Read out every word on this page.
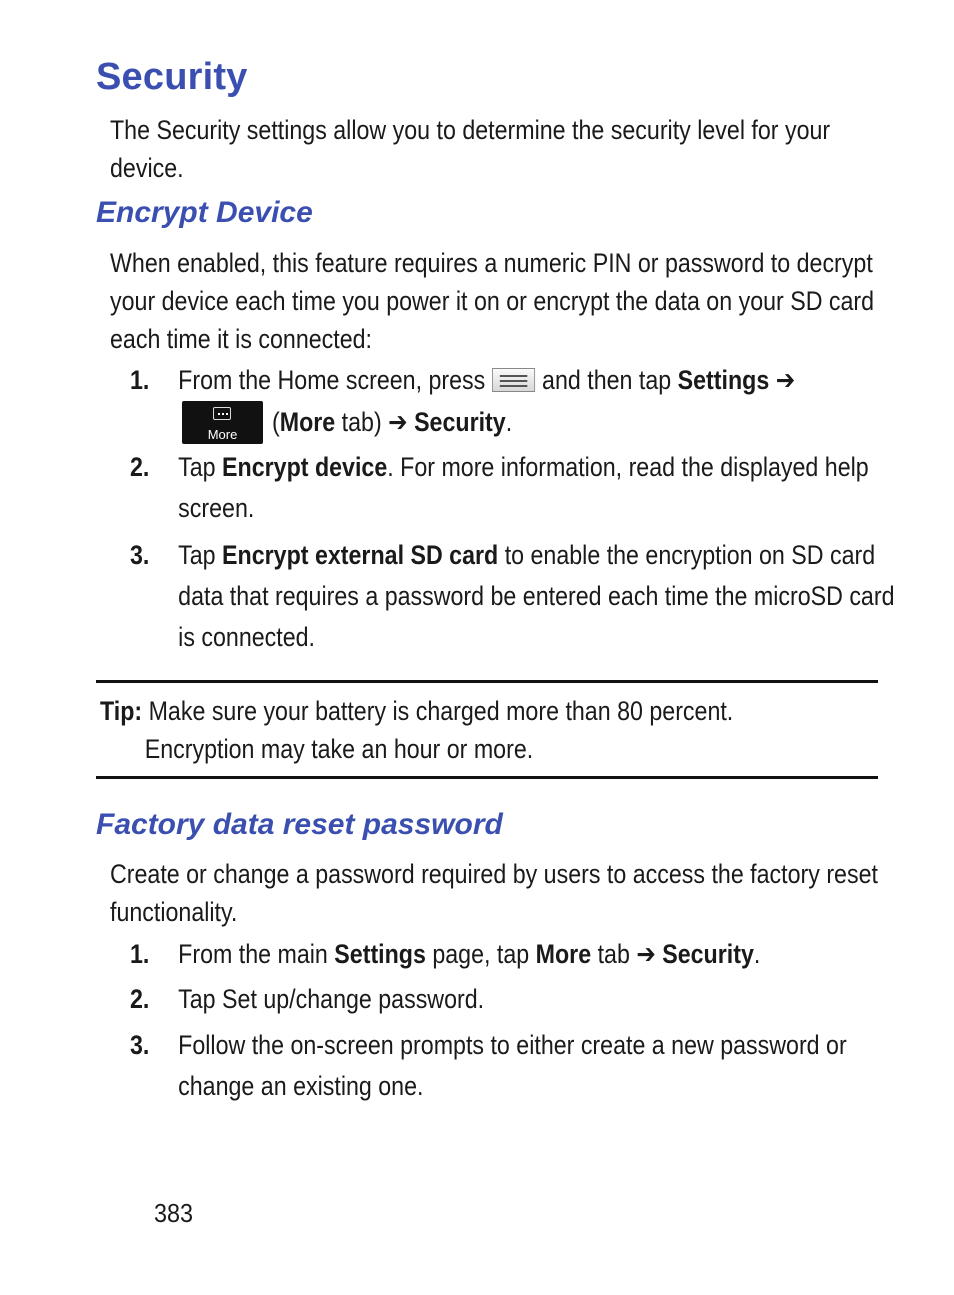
Security
The Security settings allow you to determine the security level for your device.
Encrypt Device
When enabled, this feature requires a numeric PIN or password to decrypt your device each time you power it on or encrypt the data on your SD card each time it is connected:
1. From the Home screen, press and then tap Settings ➔
More	(More tab) ➔ Security.
2. Tap Encrypt device. For more information, read the displayed help screen.
3. Tap Encrypt external SD card to enable the encryption on SD card data that requires a password be entered each time the microSD card is connected.
Tip: Make sure your battery is charged more than 80 percent.
Encryption may take an hour or more.
Factory data reset password
Create or change a password required by users to access the factory reset functionality.
1. From the main Settings page, tap More tab ➔ Security.
2. Tap Set up/change password.
3. Follow the on-screen prompts to either create a new password or change an existing one.
383
